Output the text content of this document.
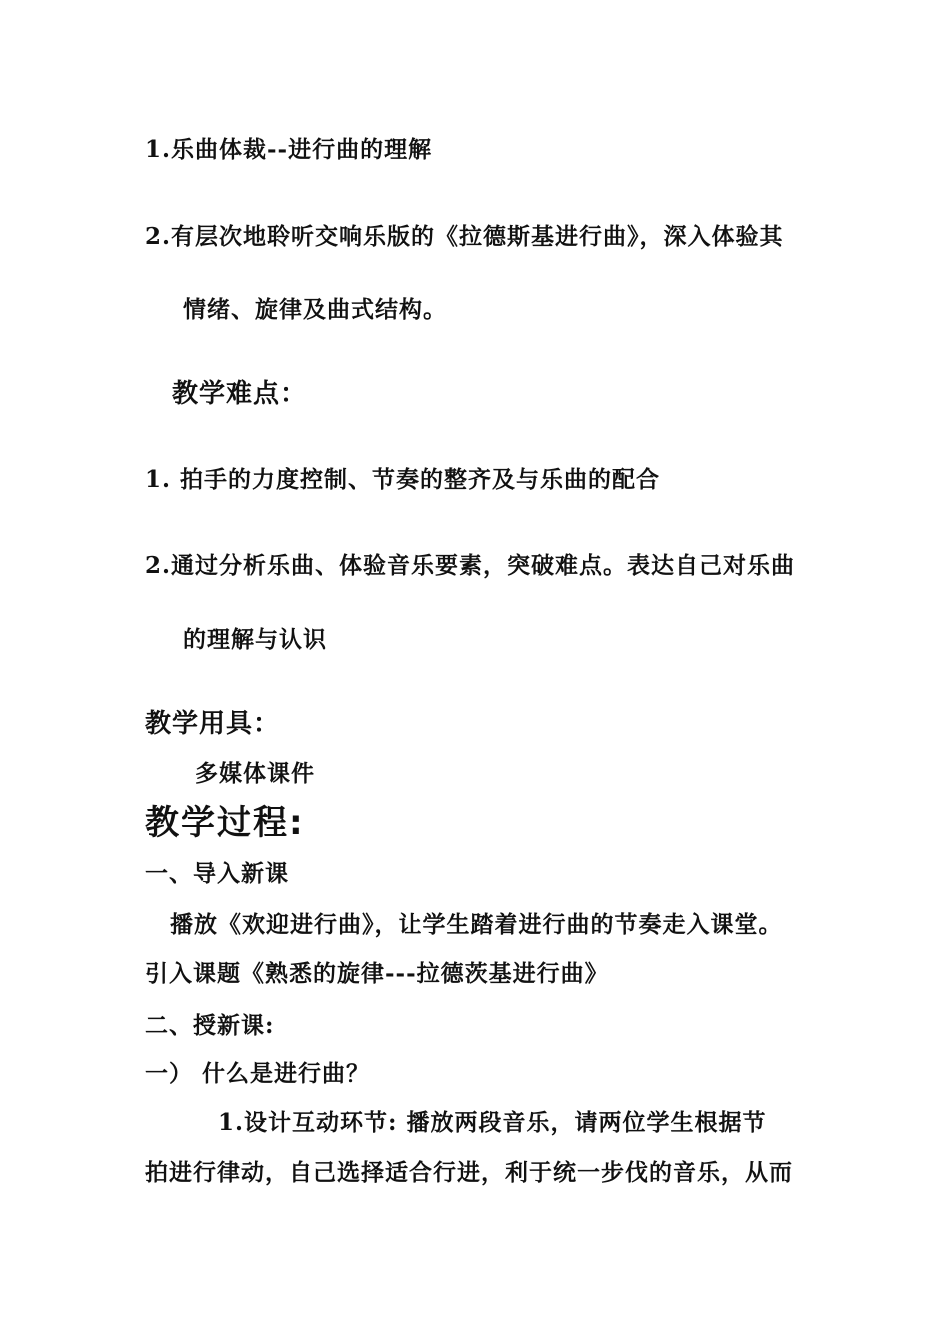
1.乐曲体裁--进行曲的理解
2.有层次地聆听交响乐版的《拉德斯基进行曲》，深入体验其
情绪、旋律及曲式结构。
教学难点：
1. 拍手的力度控制、节奏的整齐及与乐曲的配合
2.通过分析乐曲、体验音乐要素，突破难点。表达自己对乐曲
的理解与认识
教学用具：
多媒体课件
教学过程:
一、导入新课
播放《欢迎进行曲》，让学生踏着进行曲的节奏走入课堂。
引入课题《熟悉的旋律---拉德茨基进行曲》
二、授新课:
一） 什么是进行曲？
1.设计互动环节: 播放两段音乐，请两位学生根据节
拍进行律动，自己选择适合行进，利于统一步伐的音乐，从而
